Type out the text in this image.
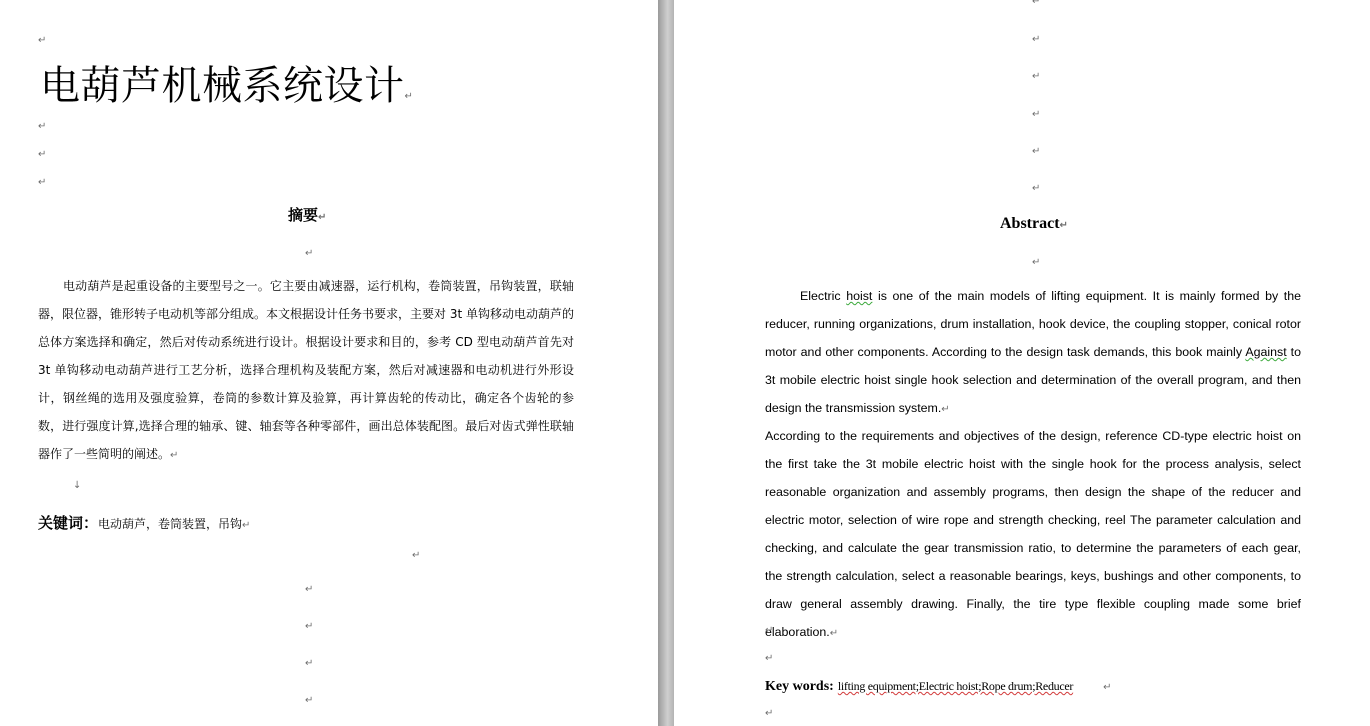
↵
电葫芦机械系统设计 ↵
↵
↵
↵
摘要 ↵
↵
电动葫芦是起重设备的主要型号之一。它主要由减速器，运行机构，卷筒装置，吊钩装置，联轴器，限位器，锥形转子电动机等部分组成。本文根据设计任务书要求，主要对 3t 单钩移动电动葫芦的总体方案选择和确定，然后对传动系统进行设计。根据设计要求和目的，参考 CD 型电动葫芦首先对 3t 单钩移动电动葫芦进行工艺分析，选择合理机构及装配方案，然后对减速器和电动机进行外形设计，钢丝绳的选用及强度验算，卷筒的参数计算及验算，再计算齿轮的传动比，确定各个齿轮的参数，进行强度计算,选择合理的轴承、键、轴套等各种零部件，画出总体装配图。最后对齿式弹性联轴器作了一些简明的阐述。 ↵
↓
关键词：电动葫芦，卷筒装置，吊钩 ↵
↵
↵
↵
↵
↵
↵
↵
↵
↵
↵
↵
Abstract ↵
↵
Electric hoist is one of the main models of lifting equipment. It is mainly formed by the reducer, running organizations, drum installation, hook device, the coupling stopper, conical rotor motor and other components. According to the design task demands, this book mainly Against to 3t mobile electric hoist single hook selection and determination of the overall program, and then design the transmission system. ↵
According to the requirements and objectives of the design, reference CD-type electric hoist on the first take the 3t mobile electric hoist with the single hook for the process analysis, select reasonable organization and assembly programs, then design the shape of the reducer and electric motor, selection of wire rope and strength checking, reel The parameter calculation and checking, and calculate the gear transmission ratio, to determine the parameters of each gear, the strength calculation, select a reasonable bearings, keys, bushings and other components, to draw general assembly drawing. Finally, the tire type flexible coupling made some brief elaboration. ↵
↵
↵
Key words: lifting equipment;Electric hoist;Rope drum;Reducer ↵
↵
